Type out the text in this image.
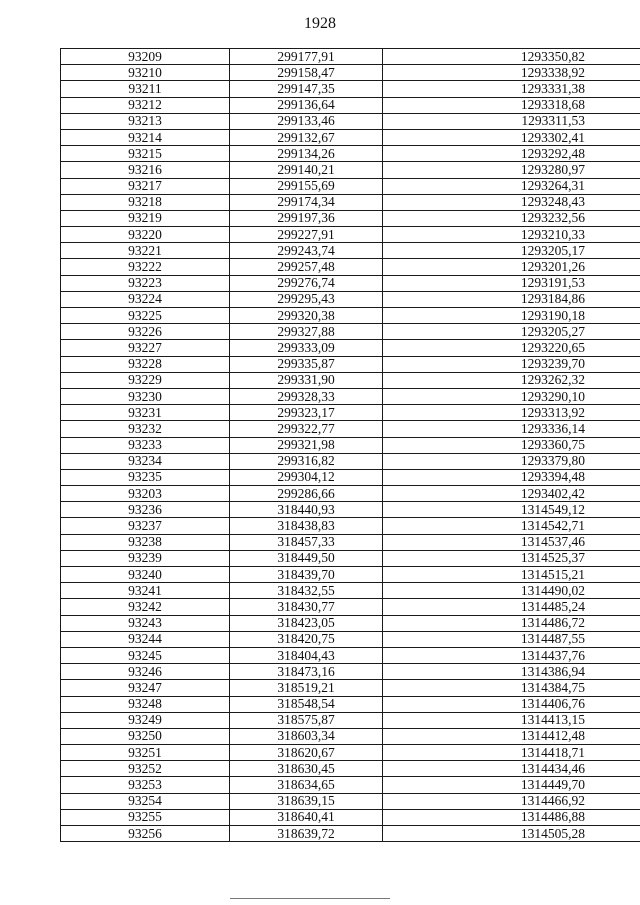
1928
93209	299177,91	1293350,82
93210	299158,47	1293338,92
93211	299147,35	1293331,38
93212	299136,64	1293318,68
93213	299133,46	1293311,53
93214	299132,67	1293302,41
93215	299134,26	1293292,48
93216	299140,21	1293280,97
93217	299155,69	1293264,31
93218	299174,34	1293248,43
93219	299197,36	1293232,56
93220	299227,91	1293210,33
93221	299243,74	1293205,17
93222	299257,48	1293201,26
93223	299276,74	1293191,53
93224	299295,43	1293184,86
93225	299320,38	1293190,18
93226	299327,88	1293205,27
93227	299333,09	1293220,65
93228	299335,87	1293239,70
93229	299331,90	1293262,32
93230	299328,33	1293290,10
93231	299323,17	1293313,92
93232	299322,77	1293336,14
93233	299321,98	1293360,75
93234	299316,82	1293379,80
93235	299304,12	1293394,48
93203	299286,66	1293402,42
93236	318440,93	1314549,12
93237	318438,83	1314542,71
93238	318457,33	1314537,46
93239	318449,50	1314525,37
93240	318439,70	1314515,21
93241	318432,55	1314490,02
93242	318430,77	1314485,24
93243	318423,05	1314486,72
93244	318420,75	1314487,55
93245	318404,43	1314437,76
93246	318473,16	1314386,94
93247	318519,21	1314384,75
93248	318548,54	1314406,76
93249	318575,87	1314413,15
93250	318603,34	1314412,48
93251	318620,67	1314418,71
93252	318630,45	1314434,46
93253	318634,65	1314449,70
93254	318639,15	1314466,92
93255	318640,41	1314486,88
93256	318639,72	1314505,28
